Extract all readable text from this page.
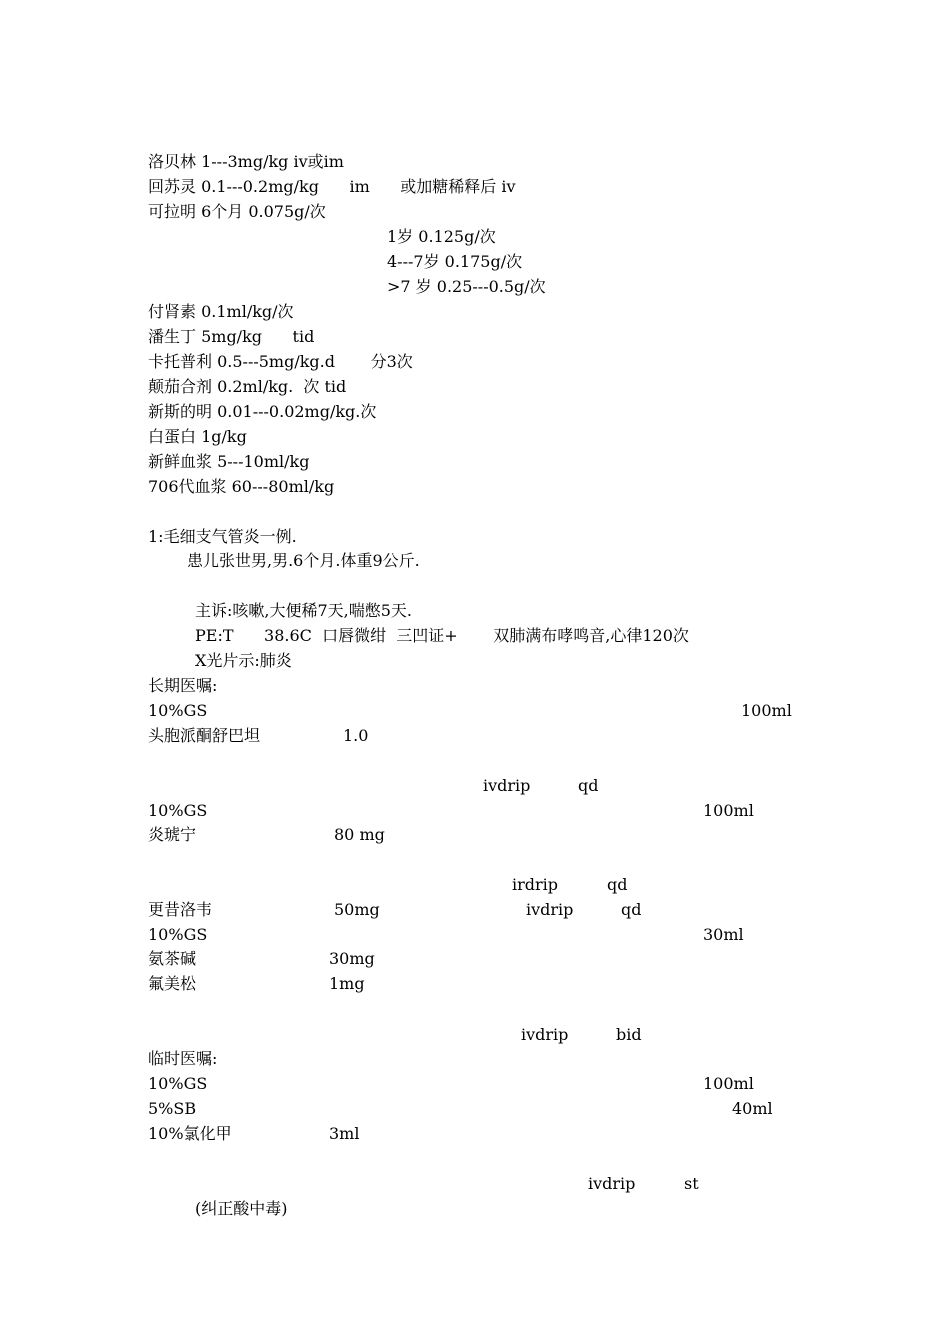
洛贝林 1---3mg/kg iv或im
回苏灵 0.1---0.2mg/kg      im      或加糖稀释后 iv
可拉明 6个月 0.075g/次
1岁 0.125g/次
4---7岁 0.175g/次
>7 岁 0.25---0.5g/次
付肾素 0.1ml/kg/次
潘生丁 5mg/kg      tid
卡托普利 0.5---5mg/kg.d       分3次
颠茄合剂 0.2ml/kg.  次 tid
新斯的明 0.01---0.02mg/kg.次
白蛋白 1g/kg
新鲜血浆 5---10ml/kg
706代血浆 60---80ml/kg
1:毛细支气管炎一例.
患儿张世男,男.6个月.体重9公斤.
主诉:咳嗽,大便稀7天,喘憋5天.
PE:T      38.6C  口唇微绀  三凹证+       双肺满布哮鸣音,心律120次
X光片示:肺炎
长期医嘱:
10%GS	100ml
头胞派酮舒巴坦	1.0
ivdrip	qd
10%GS	100ml
炎琥宁	80 mg
irdrip	qd
更昔洛韦	50mg	ivdrip	qd
10%GS	30ml
氨茶碱	30mg
氟美松	1mg
ivdrip	bid
临时医嘱:
10%GS	100ml
5%SB	40ml
10%氯化甲	3ml
ivdrip	st
(纠正酸中毒)
